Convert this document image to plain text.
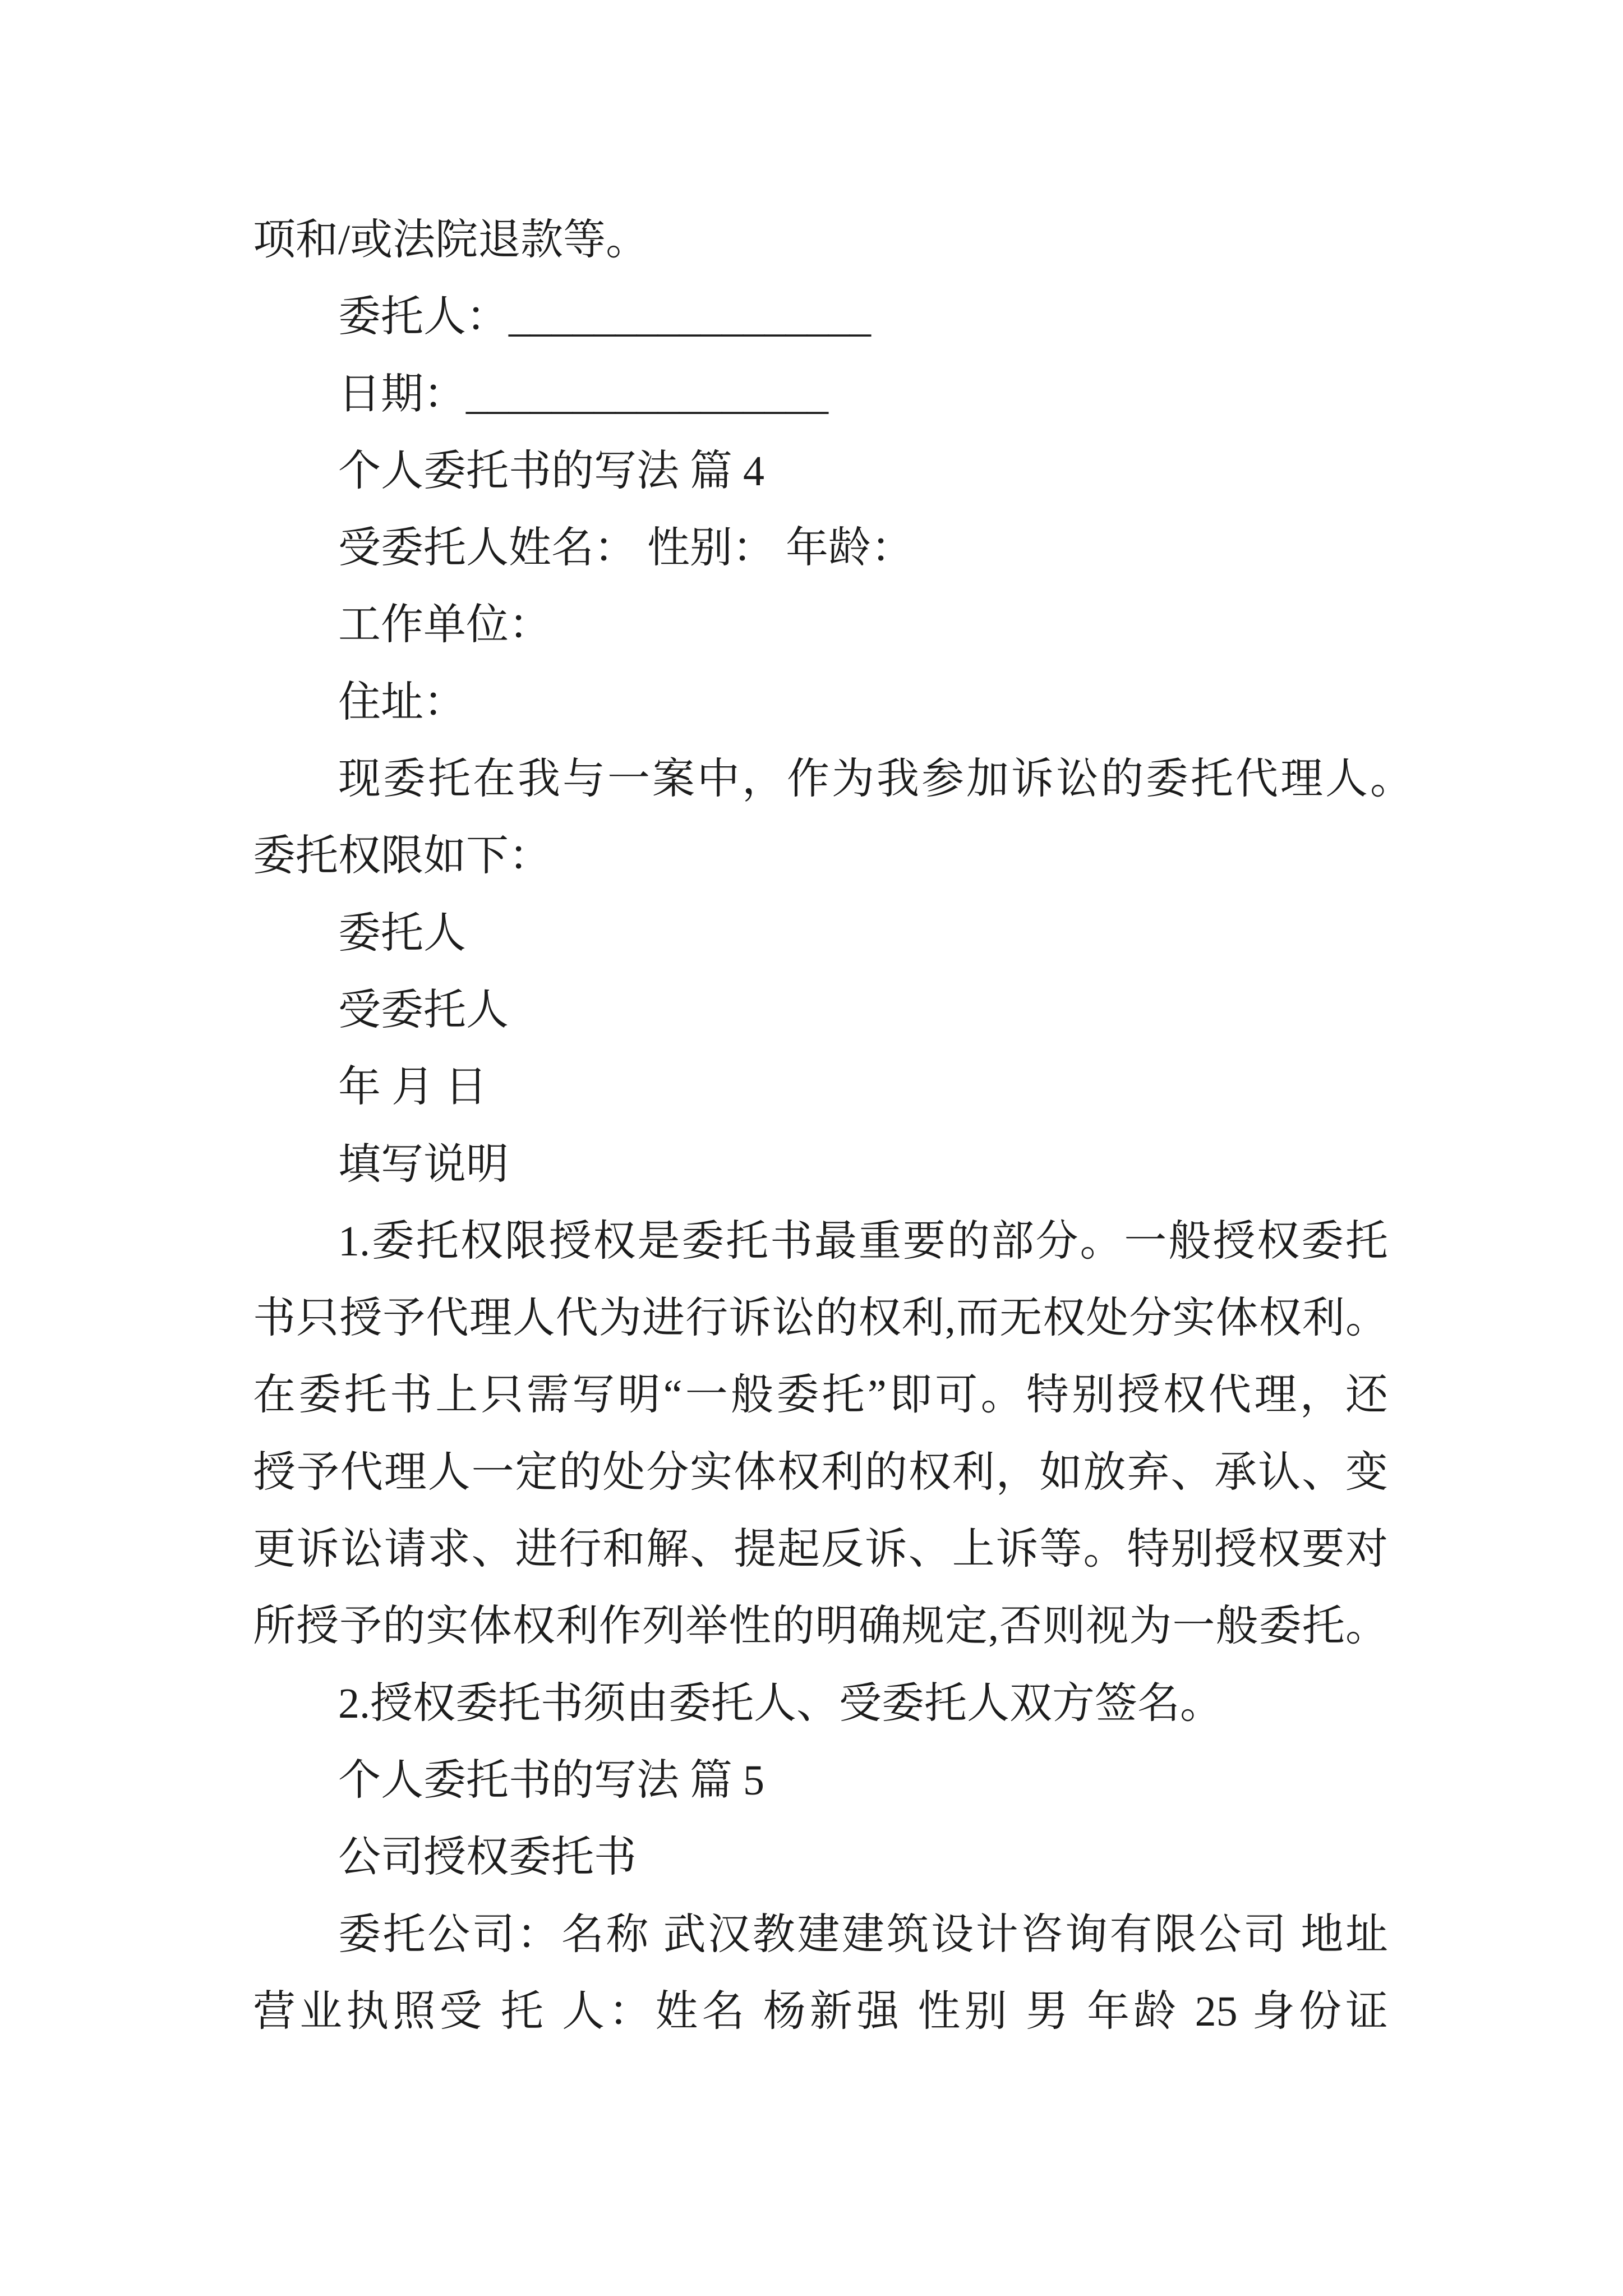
项和/或法院退款等。
委托人：_________________
日期：_________________
个人委托书的写法 篇 4
受委托人姓名： 性别： 年龄：
工作单位：
住址：
现委托在我与一案中，作为我参加诉讼的委托代理人。
委托权限如下：
委托人
受委托人
年 月 日
填写说明
1.委托权限授权是委托书最重要的部分。一般授权委托
书只授予代理人代为进行诉讼的权利,而无权处分实体权利。
在委托书上只需写明“一般委托”即可。特别授权代理，还
授予代理人一定的处分实体权利的权利，如放弃、承认、变
更诉讼请求、进行和解、提起反诉、上诉等。特别授权要对
所授予的实体权利作列举性的明确规定,否则视为一般委托。
2.授权委托书须由委托人、受委托人双方签名。
个人委托书的写法 篇 5
公司授权委托书
委托公司：名称 武汉教建建筑设计咨询有限公司 地址
营业执照受 托 人：姓名 杨新强 性别 男 年龄 25 身份证
